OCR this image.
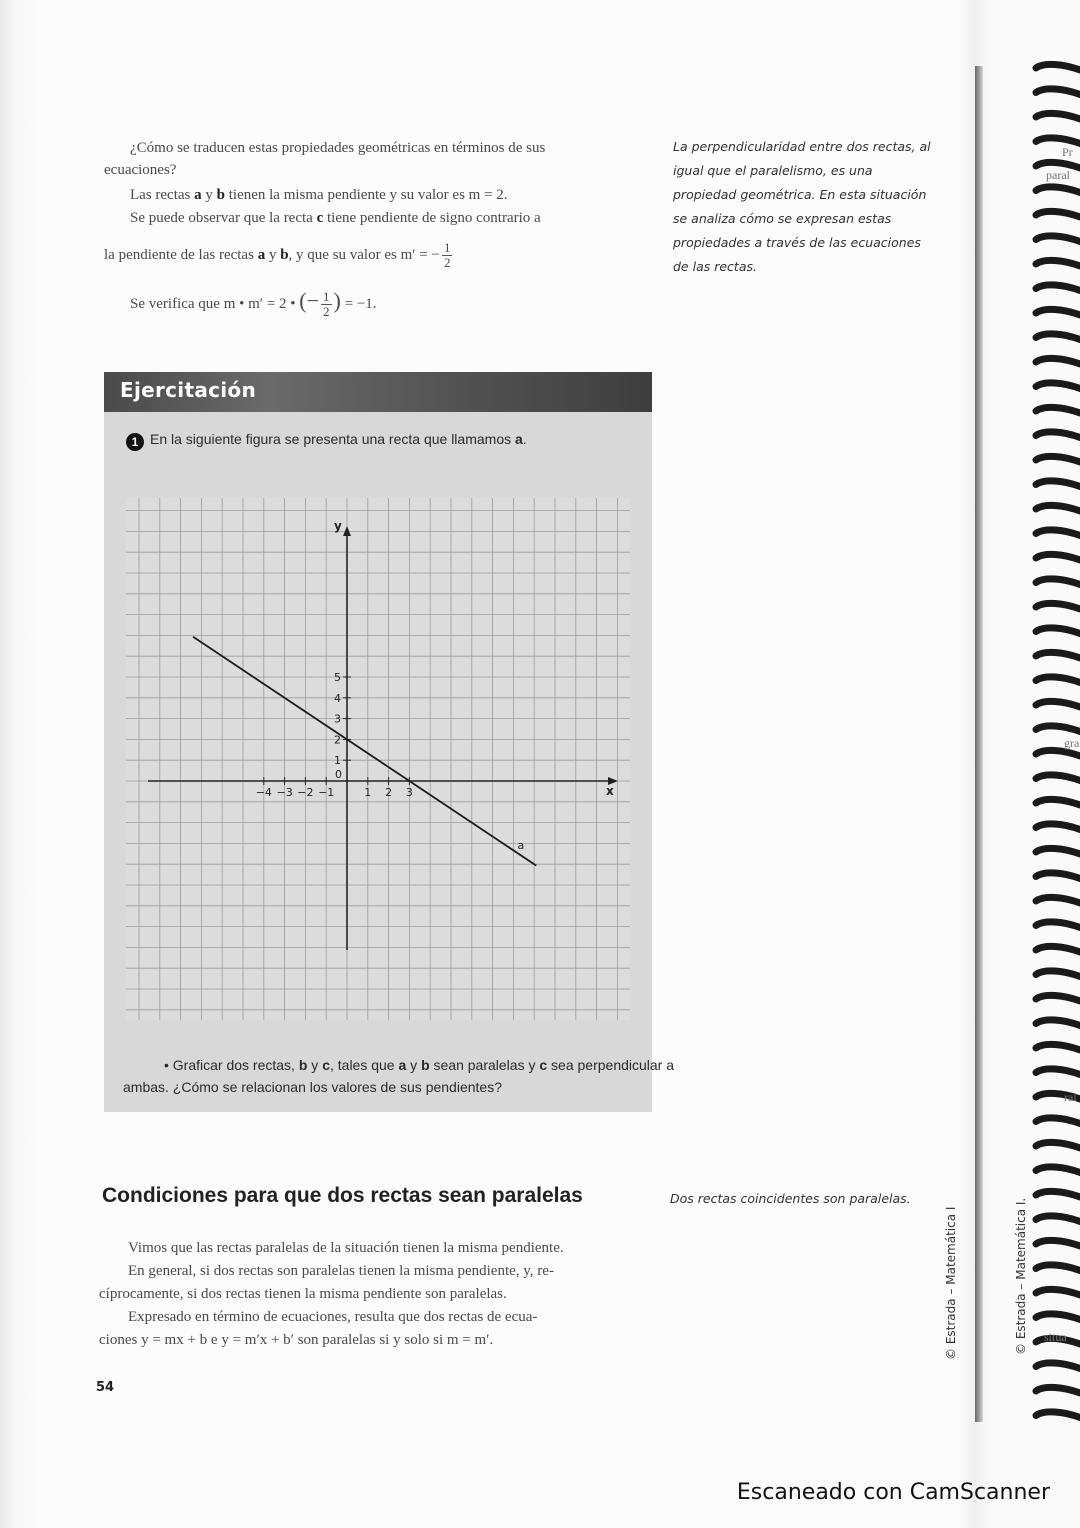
¿Cómo se traducen estas propiedades geométricas en términos de sus

ecuaciones?

Las rectas a y b tienen la misma pendiente y su valor es m = 2.

Se puede observar que la recta c tiene pendiente de signo contrario a

la pendiente de las rectas a y b, y que su valor es m′ = − $\frac{1}{2}$

Se verifica que m • m′ = 2 • (− $\frac{1}{2}$ ) = −1.

La perpendicularidad entre dos rectas, al
igual que el paralelismo, es una
propiedad geométrica. En esta situación
se analiza cómo se expresan estas
propiedades a través de las ecuaciones
de las rectas.
Ejercitación
1 En la siguiente figura se presenta una recta que llamamos a.
−4 −3 −2 −1	1 2 3
1
2
3
4
5
x
y
0
a
• Graficar dos rectas, b y c, tales que a y b sean paralelas y c sea perpendicular a
ambas. ¿Cómo se relacionan los valores de sus pendientes?
Condiciones para que dos rectas sean paralelas	Dos rectas coincidentes son paralelas.

Vimos que las rectas paralelas de la situación tienen la misma pendiente.

En general, si dos rectas son paralelas tienen la misma pendiente, y, re-

cíprocamente, si dos rectas tienen la misma pendiente son paralelas.

Expresado en término de ecuaciones, resulta que dos rectas de ecua-

ciones y = mx + b e y = m′x + b′ son paralelas si y solo si m = m′.

54
© Estrada – Matemática I	© Estrada – Matemática I.
Pr
paral
gra
ral
situa
Escaneado con CamScanner
